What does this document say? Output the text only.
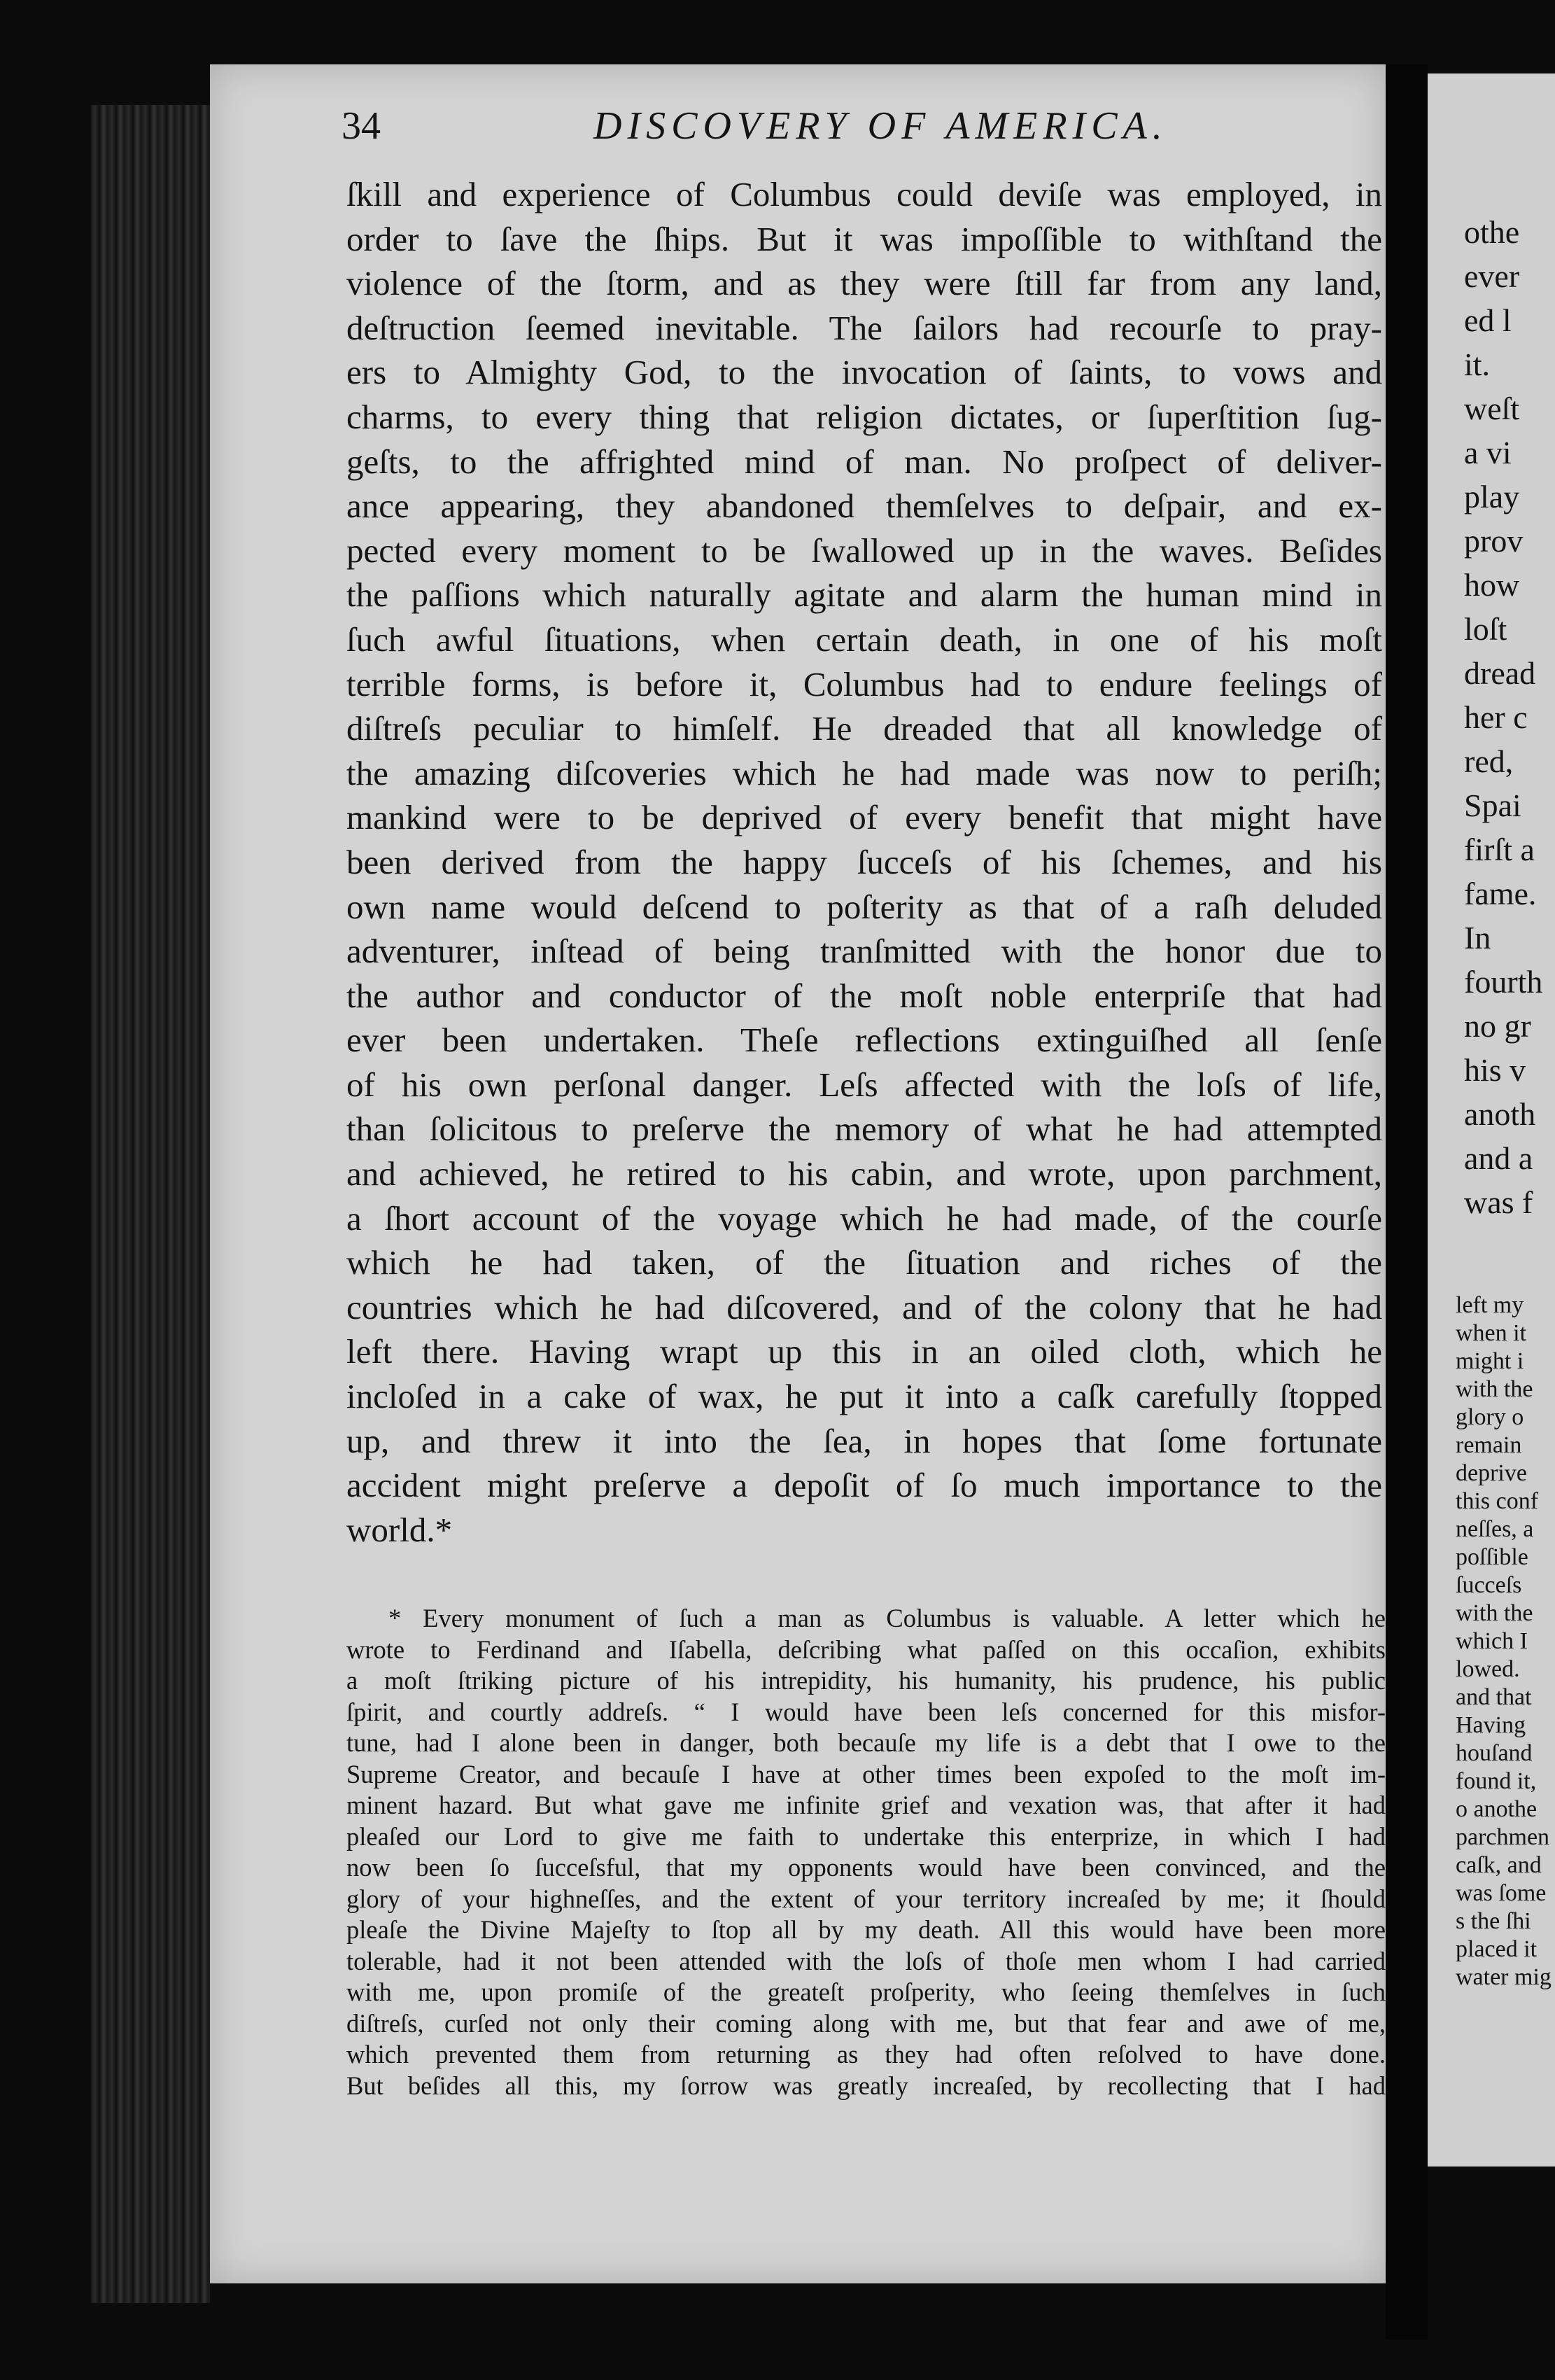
34	DISCOVERY OF AMERICA.
ſkill and experience of Columbus could deviſe was employed, in
order to ſave the ſhips. But it was impoſſible to withſtand the
violence of the ſtorm, and as they were ſtill far from any land,
deſtruction ſeemed inevitable. The ſailors had recourſe to pray-
ers to Almighty God, to the invocation of ſaints, to vows and
charms, to every thing that religion dictates, or ſuperſtition ſug-
geſts, to the affrighted mind of man. No proſpect of deliver-
ance appearing, they abandoned themſelves to deſpair, and ex-
pected every moment to be ſwallowed up in the waves. Beſides
the paſſions which naturally agitate and alarm the human mind in
ſuch awful ſituations, when certain death, in one of his moſt
terrible forms, is before it, Columbus had to endure feelings of
diſtreſs peculiar to himſelf. He dreaded that all knowledge of
the amazing diſcoveries which he had made was now to periſh;
mankind were to be deprived of every benefit that might have
been derived from the happy ſucceſs of his ſchemes, and his
own name would deſcend to poſterity as that of a raſh deluded
adventurer, inſtead of being tranſmitted with the honor due to
the author and conductor of the moſt noble enterpriſe that had
ever been undertaken. Theſe reflections extinguiſhed all ſenſe
of his own perſonal danger. Leſs affected with the loſs of life,
than ſolicitous to preſerve the memory of what he had attempted
and achieved, he retired to his cabin, and wrote, upon parchment,
a ſhort account of the voyage which he had made, of the courſe
which he had taken, of the ſituation and riches of the
countries which he had diſcovered, and of the colony that he had
left there. Having wrapt up this in an oiled cloth, which he
incloſed in a cake of wax, he put it into a caſk carefully ſtopped
up, and threw it into the ſea, in hopes that ſome fortunate
accident might preſerve a depoſit of ſo much importance to the
world.*
* Every monument of ſuch a man as Columbus is valuable. A letter which he
wrote to Ferdinand and Iſabella, deſcribing what paſſed on this occaſion, exhibits
a moſt ſtriking picture of his intrepidity, his humanity, his prudence, his public
ſpirit, and courtly addreſs. “ I would have been leſs concerned for this misfor-
tune, had I alone been in danger, both becauſe my life is a debt that I owe to the
Supreme Creator, and becauſe I have at other times been expoſed to the moſt im-
minent hazard. But what gave me infinite grief and vexation was, that after it had
pleaſed our Lord to give me faith to undertake this enterprize, in which I had
now been ſo ſucceſsful, that my opponents would have been convinced, and the
glory of your highneſſes, and the extent of your territory increaſed by me; it ſhould
pleaſe the Divine Majeſty to ſtop all by my death. All this would have been more
tolerable, had it not been attended with the loſs of thoſe men whom I had carried
with me, upon promiſe of the greateſt proſperity, who ſeeing themſelves in ſuch
diſtreſs, curſed not only their coming along with me, but that fear and awe of me,
which prevented them from returning as they had often reſolved to have done.
But beſides all this, my ſorrow was greatly increaſed, by recollecting that I had
othe
ever
ed l
it.
weſt
a vi
play
prov
how
loſt
dread
her c
red,
Spai
firſt a
fame.
In
fourth
no gr
his v
anoth
and a
was f
left my
when it
might i
with the
glory o
remain
deprive
this conf
neſſes, a
poſſible
ſucceſs
with the
which I
lowed.
and that
Having
houſand
found it,
o anothe
parchmen
caſk, and
was ſome
s the ſhi
placed it
water mig
